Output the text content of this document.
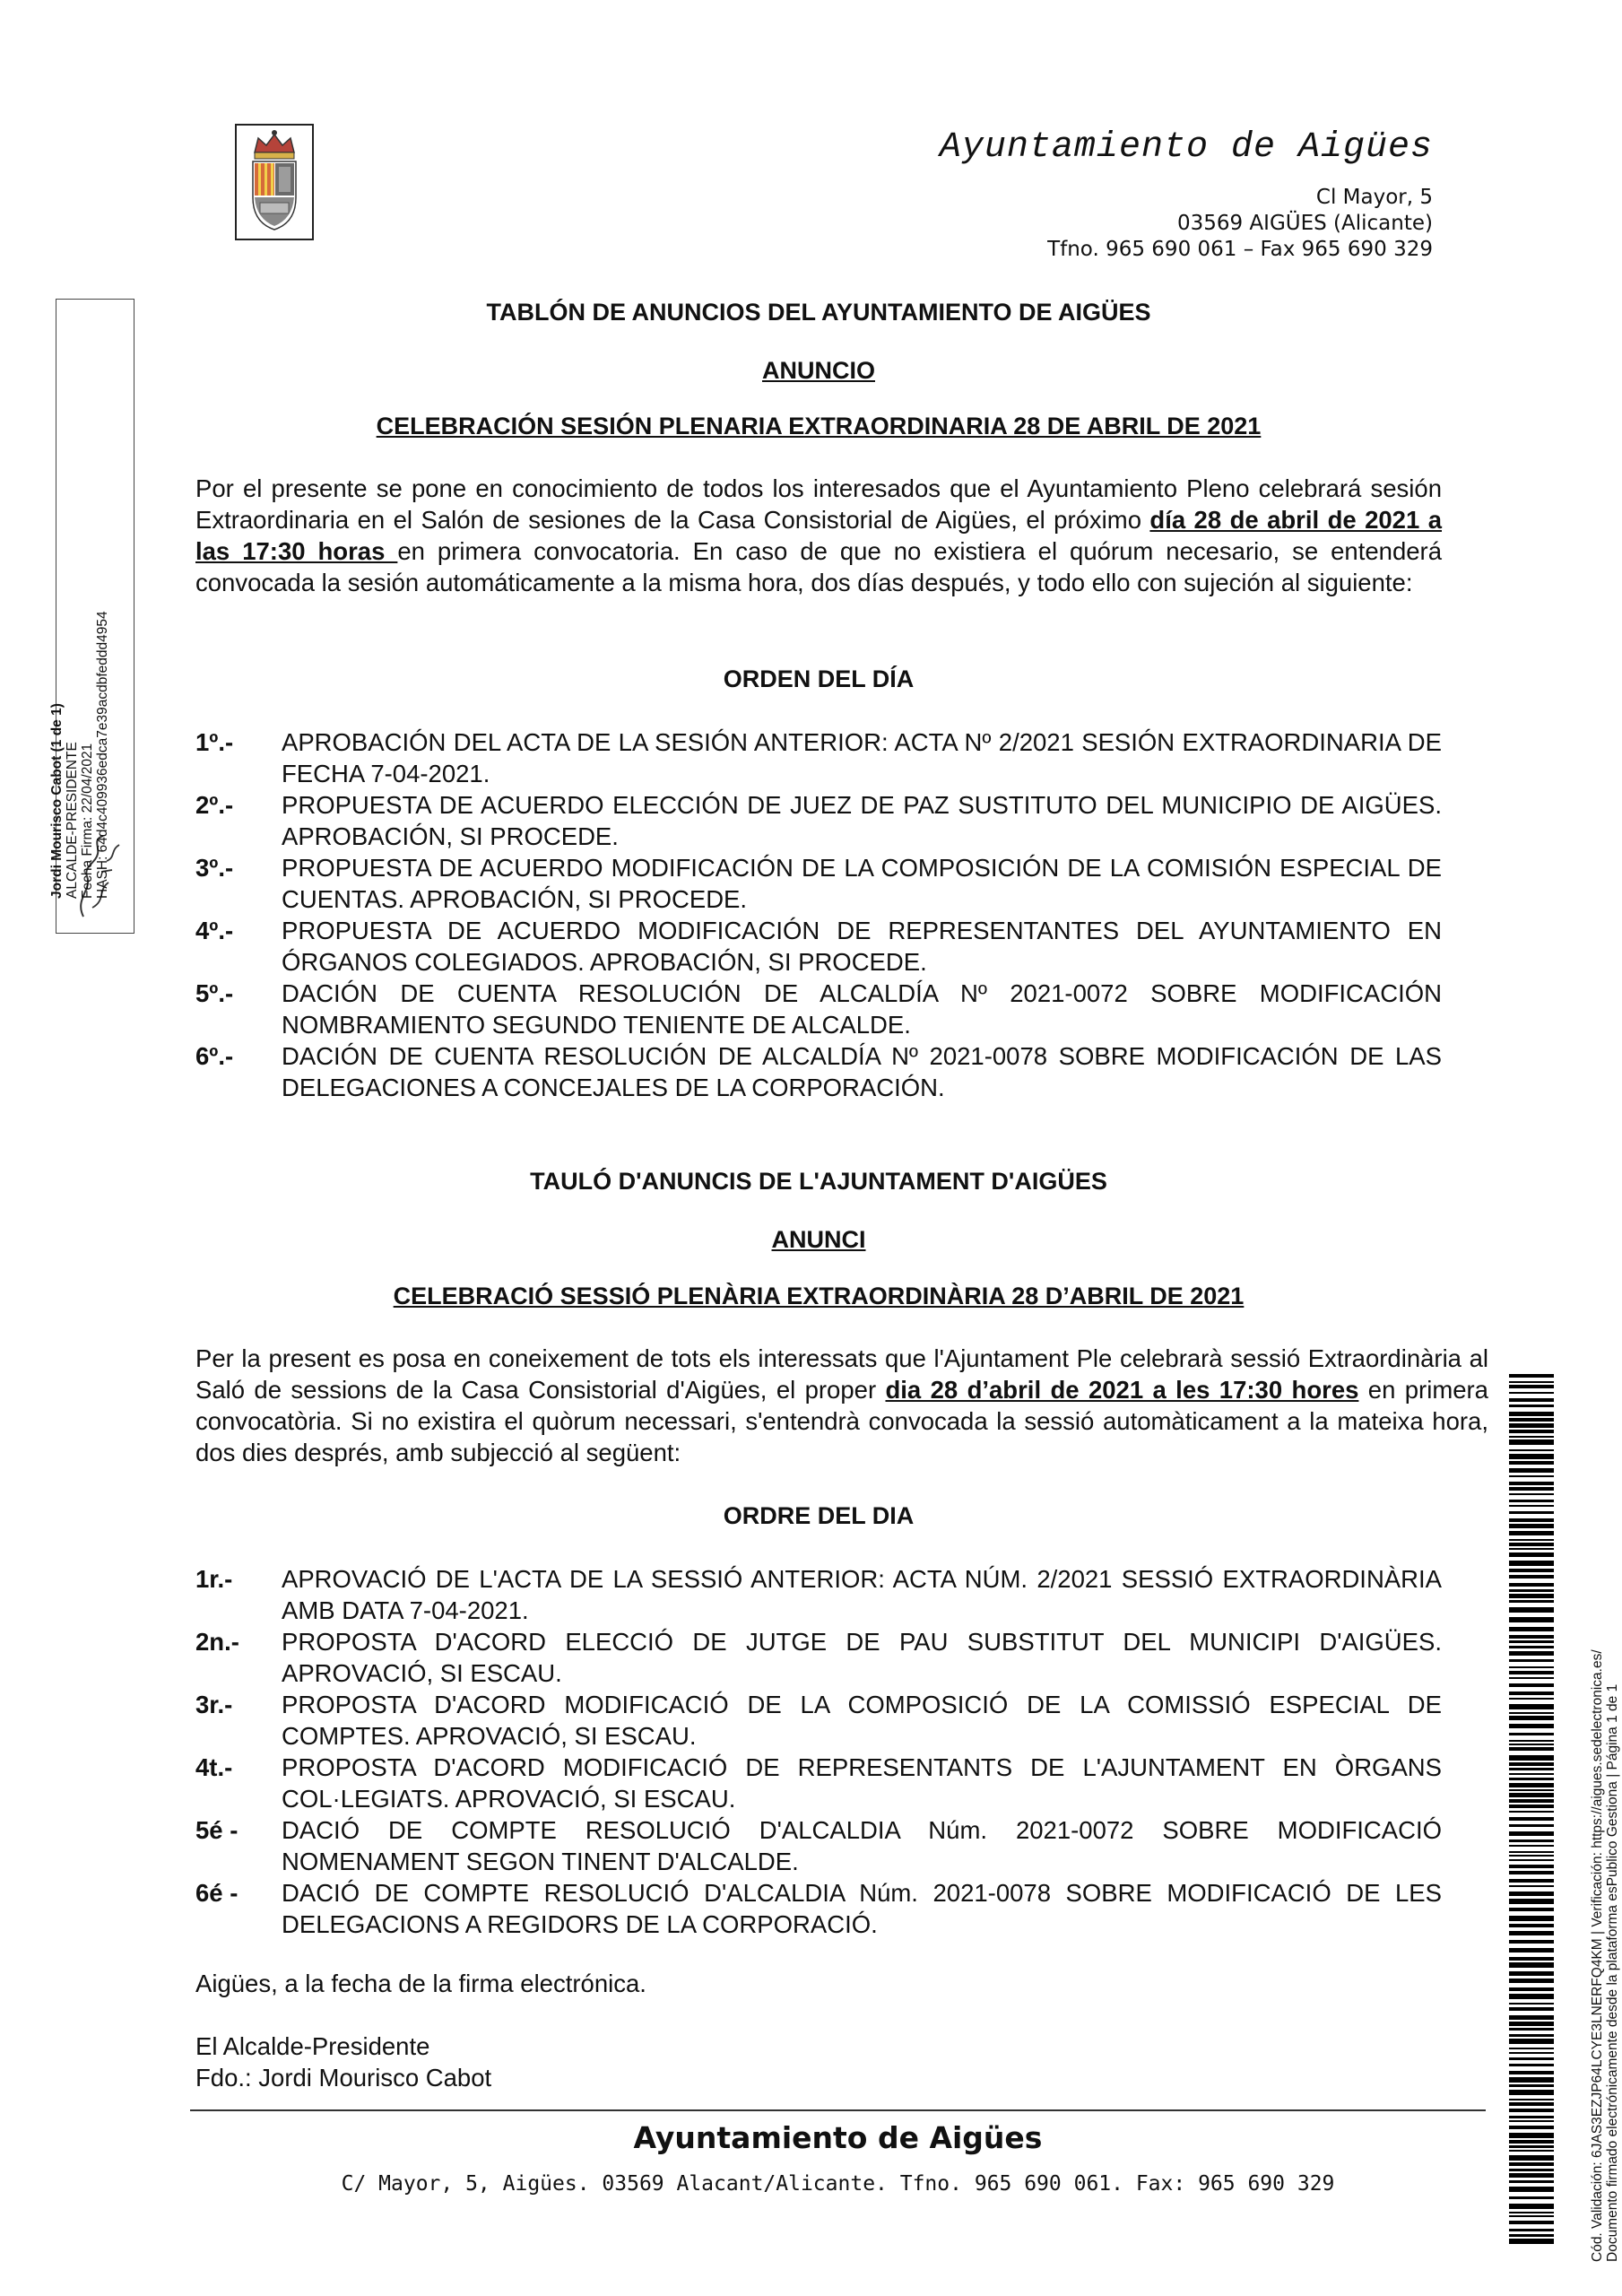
Ayuntamiento de Aigües
Cl Mayor, 5
03569 AIGÜES (Alicante)
Tfno. 965 690 061 – Fax 965 690 329
Jordi Mourisco Cabot (1 de 1) ALCALDE-PRESIDENTE Fecha Firma: 22/04/2021 HASH: 64d4c409936edca7e39acdbfeddd4954
TABLÓN DE ANUNCIOS DEL AYUNTAMIENTO DE AIGÜES
ANUNCIO
CELEBRACIÓN SESIÓN PLENARIA EXTRAORDINARIA 28 DE ABRIL DE 2021
Por el presente se pone en conocimiento de todos los interesados que el Ayuntamiento Pleno celebrará sesión Extraordinaria en el Salón de sesiones de la Casa Consistorial de Aigües, el próximo día 28 de abril de 2021 a las 17:30 horas en primera convocatoria. En caso de que no existiera el quórum necesario, se entenderá convocada la sesión automáticamente a la misma hora, dos días después, y todo ello con sujeción al siguiente:
ORDEN DEL DÍA
1º.- APROBACIÓN DEL ACTA DE LA SESIÓN ANTERIOR: ACTA Nº 2/2021 SESIÓN EXTRAORDINARIA DE FECHA 7-04-2021.
2º.- PROPUESTA DE ACUERDO ELECCIÓN DE JUEZ DE PAZ SUSTITUTO DEL MUNICIPIO DE AIGÜES. APROBACIÓN, SI PROCEDE.
3º.- PROPUESTA DE ACUERDO MODIFICACIÓN DE LA COMPOSICIÓN DE LA COMISIÓN ESPECIAL DE CUENTAS. APROBACIÓN, SI PROCEDE.
4º.- PROPUESTA DE ACUERDO MODIFICACIÓN DE REPRESENTANTES DEL AYUNTAMIENTO EN ÓRGANOS COLEGIADOS. APROBACIÓN, SI PROCEDE.
5º.- DACIÓN DE CUENTA RESOLUCIÓN DE ALCALDÍA Nº 2021-0072 SOBRE MODIFICACIÓN NOMBRAMIENTO SEGUNDO TENIENTE DE ALCALDE.
6º.- DACIÓN DE CUENTA RESOLUCIÓN DE ALCALDÍA Nº 2021-0078 SOBRE MODIFICACIÓN DE LAS DELEGACIONES A CONCEJALES DE LA CORPORACIÓN.
TAULÓ D'ANUNCIS DE L'AJUNTAMENT D'AIGÜES
ANUNCI
CELEBRACIÓ SESSIÓ PLENÀRIA EXTRAORDINÀRIA 28 D’ABRIL DE 2021
Per la present es posa en coneixement de tots els interessats que l'Ajuntament Ple celebrarà sessió Extraordinària al Saló de sessions de la Casa Consistorial d'Aigües, el proper dia 28 d’abril de 2021 a les 17:30 hores en primera convocatòria. Si no existira el quòrum necessari, s'entendrà convocada la sessió automàticament a la mateixa hora, dos dies després, amb subjecció al següent:
ORDRE DEL DIA
1r.- APROVACIÓ DE L'ACTA DE LA SESSIÓ ANTERIOR: ACTA NÚM. 2/2021 SESSIÓ EXTRAORDINÀRIA AMB DATA 7-04-2021.
2n.- PROPOSTA D'ACORD ELECCIÓ DE JUTGE DE PAU SUBSTITUT DEL MUNICIPI D'AIGÜES. APROVACIÓ, SI ESCAU.
3r.- PROPOSTA D'ACORD MODIFICACIÓ DE LA COMPOSICIÓ DE LA COMISSIÓ ESPECIAL DE COMPTES. APROVACIÓ, SI ESCAU.
4t.- PROPOSTA D'ACORD MODIFICACIÓ DE REPRESENTANTS DE L'AJUNTAMENT EN ÒRGANS COL·LEGIATS. APROVACIÓ, SI ESCAU.
5é - DACIÓ DE COMPTE RESOLUCIÓ D'ALCALDIA Núm. 2021-0072 SOBRE MODIFICACIÓ NOMENAMENT SEGON TINENT D'ALCALDE.
6é - DACIÓ DE COMPTE RESOLUCIÓ D'ALCALDIA Núm. 2021-0078 SOBRE MODIFICACIÓ DE LES DELEGACIONS A REGIDORS DE LA CORPORACIÓ.
Aigües, a la fecha de la firma electrónica.
El Alcalde-Presidente
Fdo.: Jordi Mourisco Cabot
Ayuntamiento de Aigües
C/ Mayor, 5, Aigües. 03569 Alacant/Alicante. Tfno. 965 690 061. Fax: 965 690 329	Cód. Validación: 6JAS3EZJP64LCYE3LNERFQ4KM | Verificación: https://aigues.sedelectronica.es/ Documento firmado electrónicamente desde la plataforma esPublico Gestiona | Página 1 de 1
